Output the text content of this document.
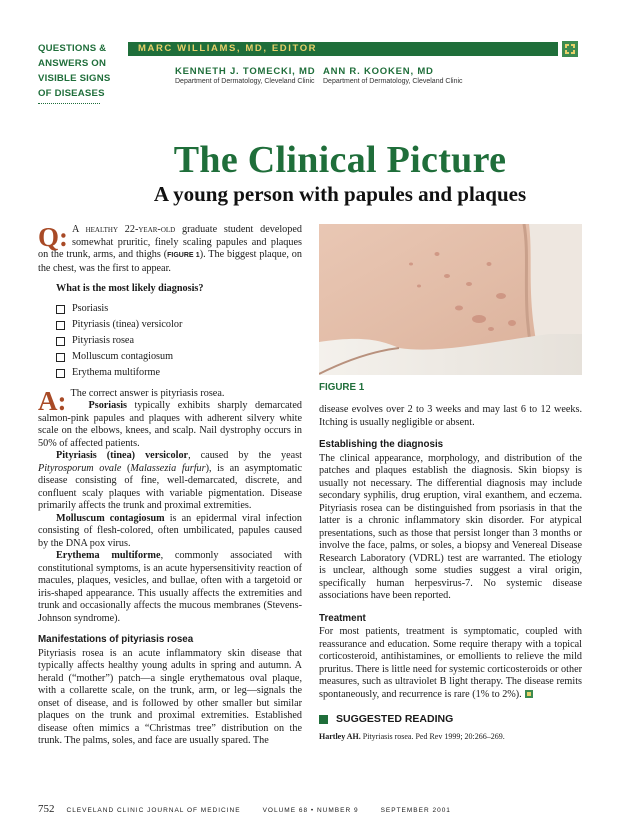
QUESTIONS &
ANSWERS ON
VISIBLE SIGNS
OF DISEASES
MARC WILLIAMS, MD, EDITOR
KENNETH J. TOMECKI, MD
Department of Dermatology, Cleveland Clinic
ANN R. KOOKEN, MD
Department of Dermatology, Cleveland Clinic
The Clinical Picture
A young person with papules and plaques
Q: A healthy 22-year-old graduate student developed somewhat pruritic, finely scaling papules and plaques on the trunk, arms, and thighs (FIGURE 1). The biggest plaque, on the chest, was the first to appear.
What is the most likely diagnosis?
Psoriasis
Pityriasis (tinea) versicolor
Pityriasis rosea
Molluscum contagiosum
Erythema multiforme
A: The correct answer is pityriasis rosea.
Psoriasis typically exhibits sharply demarcated salmon-pink papules and plaques with adherent silvery white scale on the elbows, knees, and scalp. Nail dystrophy occurs in 50% of affected patients.
Pityriasis (tinea) versicolor, caused by the yeast Pityrosporum ovale (Malassezia furfur), is an asymptomatic disease consisting of fine, well-demarcated, discrete, and confluent scaly plaques with variable pigmentation. Disease primarily affects the trunk and proximal extremities.
Molluscum contagiosum is an epidermal viral infection consisting of flesh-colored, often umbilicated, papules caused by the DNA pox virus.
Erythema multiforme, commonly associated with constitutional symptoms, is an acute hypersensitivity reaction of macules, plaques, vesicles, and bullae, often with a targetoid or iris-shaped appearance. This usually affects the extremities and trunk and occasionally affects the mucous membranes (Stevens-Johnson syndrome).
Manifestations of pityriasis rosea
Pityriasis rosea is an acute inflammatory skin disease that typically affects healthy young adults in spring and autumn. A herald (“mother”) patch—a single erythematous oval plaque, with a collarette scale, on the trunk, arm, or leg—signals the onset of disease, and is followed by other smaller but similar plaques on the trunk and proximal extremities. Established disease often mimics a “Christmas tree” distribution on the trunk. The palms, soles, and face are usually spared. The
FIGURE 1
disease evolves over 2 to 3 weeks and may last 6 to 12 weeks. Itching is usually negligible or absent.
Establishing the diagnosis
The clinical appearance, morphology, and distribution of the patches and plaques establish the diagnosis. Skin biopsy is usually not necessary. The differential diagnosis may include secondary syphilis, drug eruption, viral exanthem, and eczema. Pityriasis rosea can be distinguished from psoriasis in that the latter is a chronic inflammatory skin disorder. For atypical presentations, such as those that persist longer than 3 months or involve the face, palms, or soles, a biopsy and Venereal Disease Research Laboratory (VDRL) test are warranted. The etiology is unclear, although some studies suggest a viral origin, specifically human herpesvirus-7. No systemic disease associations have been reported.
Treatment
For most patients, treatment is symptomatic, coupled with reassurance and education. Some require therapy with a topical corticosteroid, antihistamines, or emollients to relieve the mild pruritus. There is little need for systemic corticosteroids or other measures, such as ultraviolet B light therapy. The disease remits spontaneously, and recurrence is rare (1% to 2%).
SUGGESTED READING
Hartley AH. Pityriasis rosea. Ped Rev 1999; 20:266–269.
752 CLEVELAND CLINIC JOURNAL OF MEDICINE	VOLUME 68 • NUMBER 9	SEPTEMBER 2001
